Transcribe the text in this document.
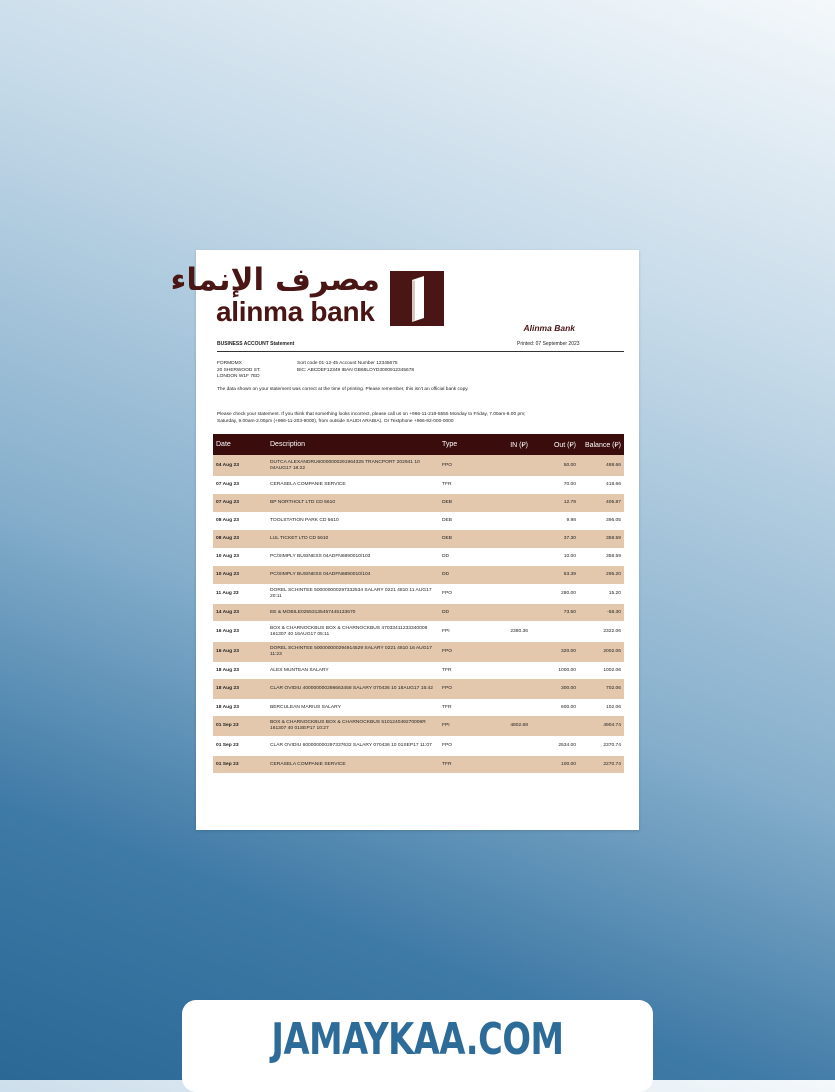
مصرف الإنماء
alinma bank
Alinma Bank
BUSINESS ACCOUNT Statement	Printed: 07 September 2023
FORMDMX
20 SHERWOOD ST.
LONDON W1F 7ED
Sort code 01-12-45 Account Number 12345675
BIC: ABCDEF12349 IBAN GB68LOYD3000912345678
The data shown on your statement was correct at the time of printing. Please remember, this isn't an official bank copy.
Please check your statement. If you think that something looks incorrect, please call us on +966-11-218-5555 Monday to Friday, 7.00am-8.00 pm; Saturday, 9.00am-2.00pm (+966-11-203-9000), from outside SAUDI ARABIA). Or Textphone +966-92-000-0000
Date	Description	Type	IN (⃁)	Out (⃁)	Balance (⃁)
04 Aug 23	DUTCA ALEXANDRU60000000291964325 TRANCPORT 202941 10 04AUG17 18:22	FPO		50.00	488.66
07 Aug 23	CERASELA COMPANIE SERVICE	TFR		70.00	418.66
07 Aug 23	BP NORTHOLT LTD CD 5610	DEB		12.79	405.87
08 Aug 23	TOOLSTATION PARK CD 5610	DEB		9.98	396.05
08 Aug 23	LUL TICKET LTD CD 5610	DEB		37.30	358.59
10 Aug 23	PC/SIMPLY BUSINESS 04ADFN6890010/103	DD		10.00	358.59
10 Aug 23	PC/SIMPLY BUSINESS 04ADFN6890010/104	DD		63.39	295.20
11 Aug 23	DOREL SCHINTEE 500000000297332534 SALARY 0221 4810 11 AUG17 20:11	FPO		280.00	15.20
14 Aug 23	EE & MOBILE02553135457445133670	DD		73.50	-58.30
16 Aug 23	BOX & CHARNOCKBUS BOX & CHARNOCKBUS 47033411233340008 161307 40 16AUG17 05:11	FPI	2380.36		2322.06
16 Aug 23	DOREL SCHINTEE 500000000294914529 SALARY 0221 4810 16 AUG17 11:23	FPO		320.00	2002.06
18 Aug 23	ALEX MUNTEAN SALARY	TFR		1000.00	1002.06
18 Aug 23	CLAR OVIDIU 400000000298663458 SALARY 070436 10 18AUG17 15:42	FPO		300.00	702.06
18 Aug 23	BERCULEAN MARIUS SALARY	TFR		600.00	102.06
01 Sep 23	BOX & CHARNOCKBUS BOX & CHARNOCKBUS 510124049270006R 161307 40 01SEP17 10:27	FPI	4802.68		4904.74
01 Sep 23	CLAR OVIDIU 600000000297337632 SALARY 070436 10 01SEP17 11:07	FPO		2534.00	2370.74
01 Sep 23	CERASELA COMPANIE SERVICE	TFR		100.00	2270.74
JAMAYKAA.COM
